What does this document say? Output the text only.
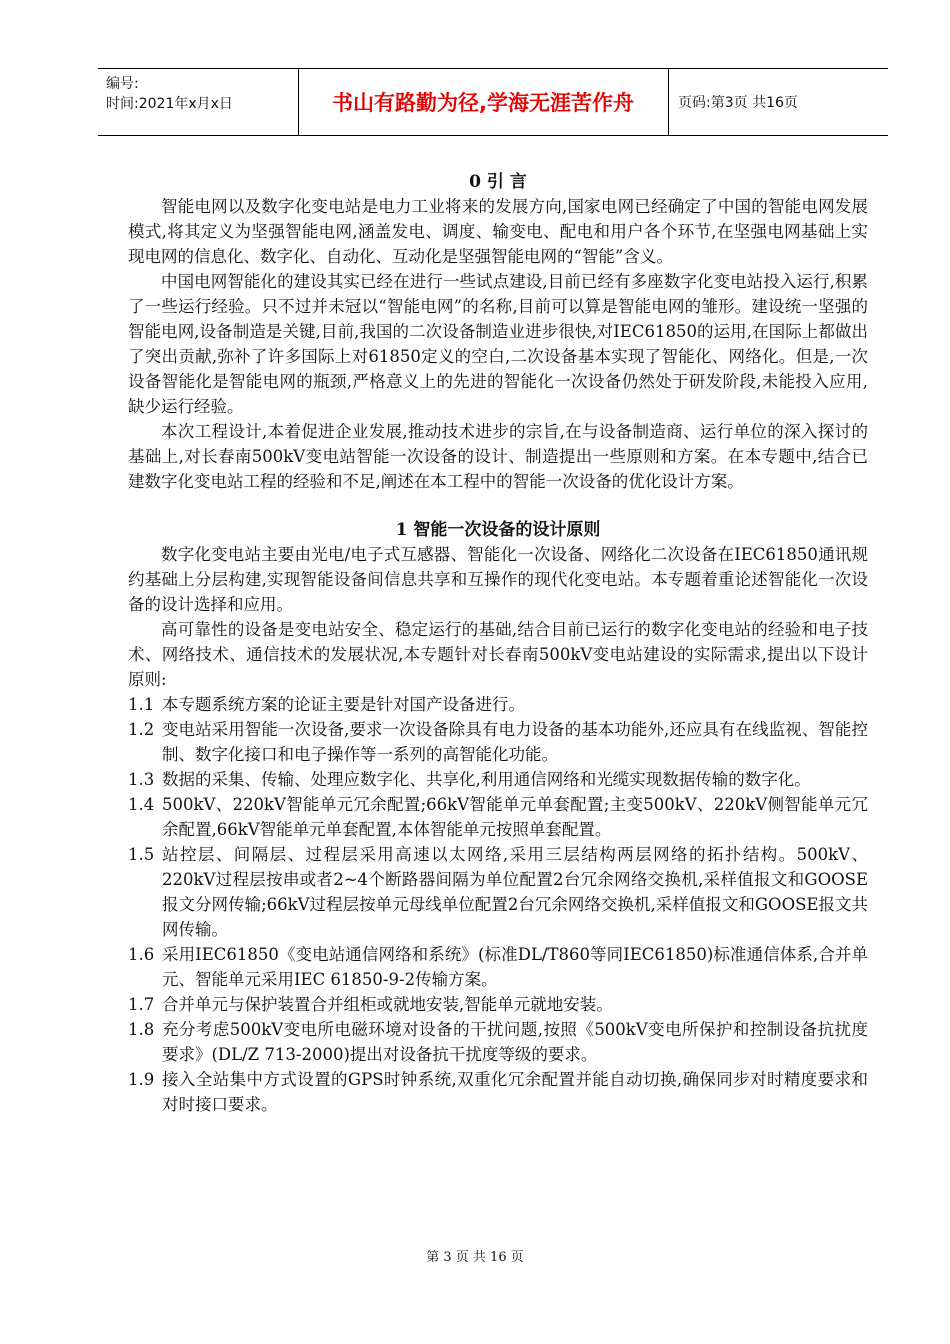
编号:
时间:2021年x月x日	书山有路勤为径,学海无涯苦作舟	页码:第3页 共16页

0 引 言

智能电网以及数字化变电站是电力工业将来的发展方向,国家电网已经确定了中国的智能电网发展模式,将其定义为坚强智能电网,涵盖发电、调度、输变电、配电和用户各个环节,在坚强电网基础上实现电网的信息化、数字化、自动化、互动化是坚强智能电网的“智能”含义。

中国电网智能化的建设其实已经在进行一些试点建设,目前已经有多座数字化变电站投入运行,积累了一些运行经验。只不过并未冠以“智能电网”的名称,目前可以算是智能电网的雏形。建设统一坚强的智能电网,设备制造是关键,目前,我国的二次设备制造业进步很快,对IEC61850的运用,在国际上都做出了突出贡献,弥补了许多国际上对61850定义的空白,二次设备基本实现了智能化、网络化。但是,一次设备智能化是智能电网的瓶颈,严格意义上的先进的智能化一次设备仍然处于研发阶段,未能投入应用,缺少运行经验。

本次工程设计,本着促进企业发展,推动技术进步的宗旨,在与设备制造商、运行单位的深入探讨的基础上,对长春南500kV变电站智能一次设备的设计、制造提出一些原则和方案。在本专题中,结合已建数字化变电站工程的经验和不足,阐述在本工程中的智能一次设备的优化设计方案。

1 智能一次设备的设计原则

数字化变电站主要由光电/电子式互感器、智能化一次设备、网络化二次设备在IEC61850通讯规约基础上分层构建,实现智能设备间信息共享和互操作的现代化变电站。本专题着重论述智能化一次设备的设计选择和应用。

高可靠性的设备是变电站安全、稳定运行的基础,结合目前已运行的数字化变电站的经验和电子技术、网络技术、通信技术的发展状况,本专题针对长春南500kV变电站建设的实际需求,提出以下设计原则:

1.1 本专题系统方案的论证主要是针对国产设备进行。
1.2 变电站采用智能一次设备,要求一次设备除具有电力设备的基本功能外,还应具有在线监视、智能控制、数字化接口和电子操作等一系列的高智能化功能。
1.3 数据的采集、传输、处理应数字化、共享化,利用通信网络和光缆实现数据传输的数字化。
1.4 500kV、220kV智能单元冗余配置;66kV智能单元单套配置;主变500kV、220kV侧智能单元冗余配置,66kV智能单元单套配置,本体智能单元按照单套配置。
1.5 站控层、间隔层、过程层采用高速以太网络,采用三层结构两层网络的拓扑结构。500kV、220kV过程层按串或者2~4个断路器间隔为单位配置2台冗余网络交换机,采样值报文和GOOSE报文分网传输;66kV过程层按单元母线单位配置2台冗余网络交换机,采样值报文和GOOSE报文共网传输。
1.6 采用IEC61850《变电站通信网络和系统》(标准DL/T860等同IEC61850)标准通信体系,合并单元、智能单元采用IEC 61850-9-2传输方案。
1.7 合并单元与保护装置合并组柜或就地安装,智能单元就地安装。
1.8 充分考虑500kV变电所电磁环境对设备的干扰问题,按照《500kV变电所保护和控制设备抗扰度要求》(DL/Z 713-2000)提出对设备抗干扰度等级的要求。
1.9 接入全站集中方式设置的GPS时钟系统,双重化冗余配置并能自动切换,确保同步对时精度要求和对时接口要求。
第 3 页 共 16 页
